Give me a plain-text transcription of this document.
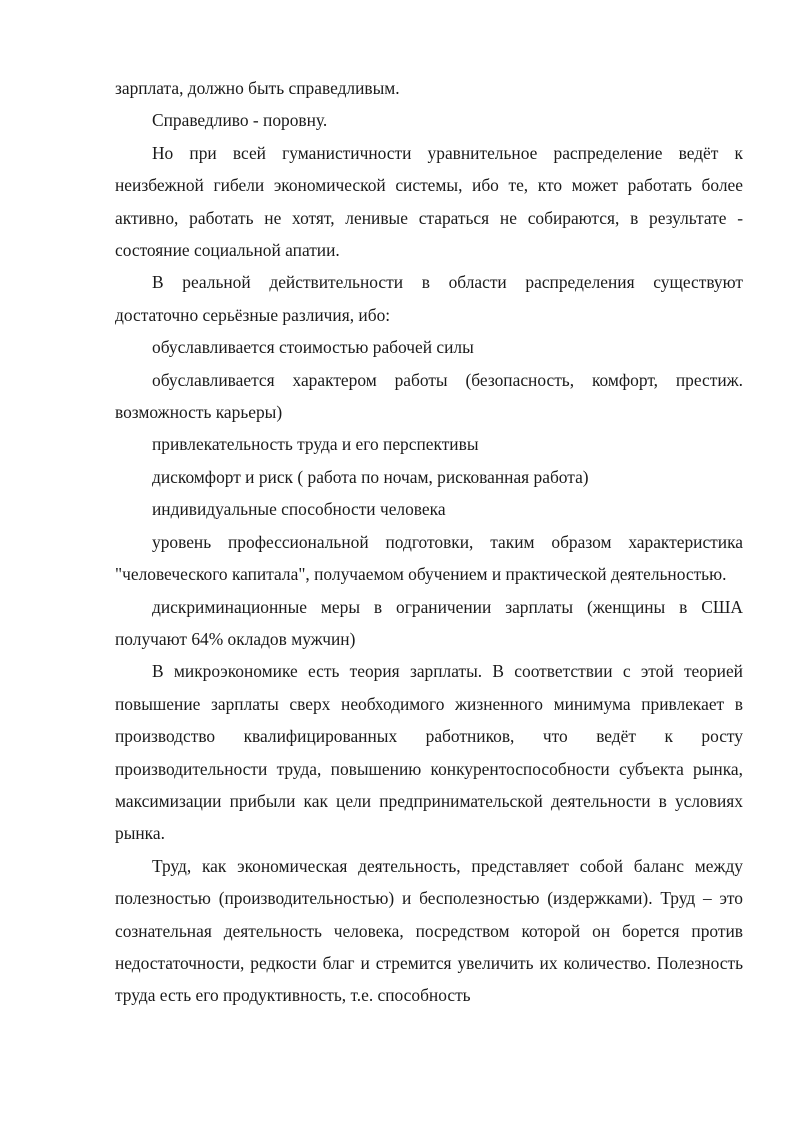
зарплата, должно быть справедливым.

Справедливо - поровну.

Но при всей гуманистичности уравнительное распределение ведёт к неизбежной гибели экономической системы, ибо те, кто может работать более активно, работать не хотят, ленивые стараться не собираются, в результате - состояние социальной апатии.

В реальной действительности в области распределения существуют достаточно серьёзные различия, ибо:

обуславливается стоимостью рабочей силы

обуславливается характером работы (безопасность, комфорт, престиж. возможность карьеры)

привлекательность труда и его перспективы

дискомфорт и риск ( работа по ночам, рискованная работа)

индивидуальные способности человека

уровень профессиональной подготовки, таким образом характеристика "человеческого капитала", получаемом обучением и практической деятельностью.

дискриминационные меры в ограничении зарплаты (женщины в США получают 64% окладов мужчин)

В микроэкономике есть теория зарплаты. В соответствии с этой теорией повышение зарплаты сверх необходимого жизненного минимума привлекает в производство квалифицированных работников, что ведёт к росту производительности труда, повышению конкурентоспособности субъекта рынка, максимизации прибыли как цели предпринимательской деятельности в условиях рынка.

Труд, как экономическая деятельность, представляет собой баланс между полезностью (производительностью) и бесполезностью (издержками). Труд – это сознательная деятельность человека, посредством которой он борется против недостаточности, редкости благ и стремится увеличить их количество. Полезность труда есть его продуктивность, т.е. способность
